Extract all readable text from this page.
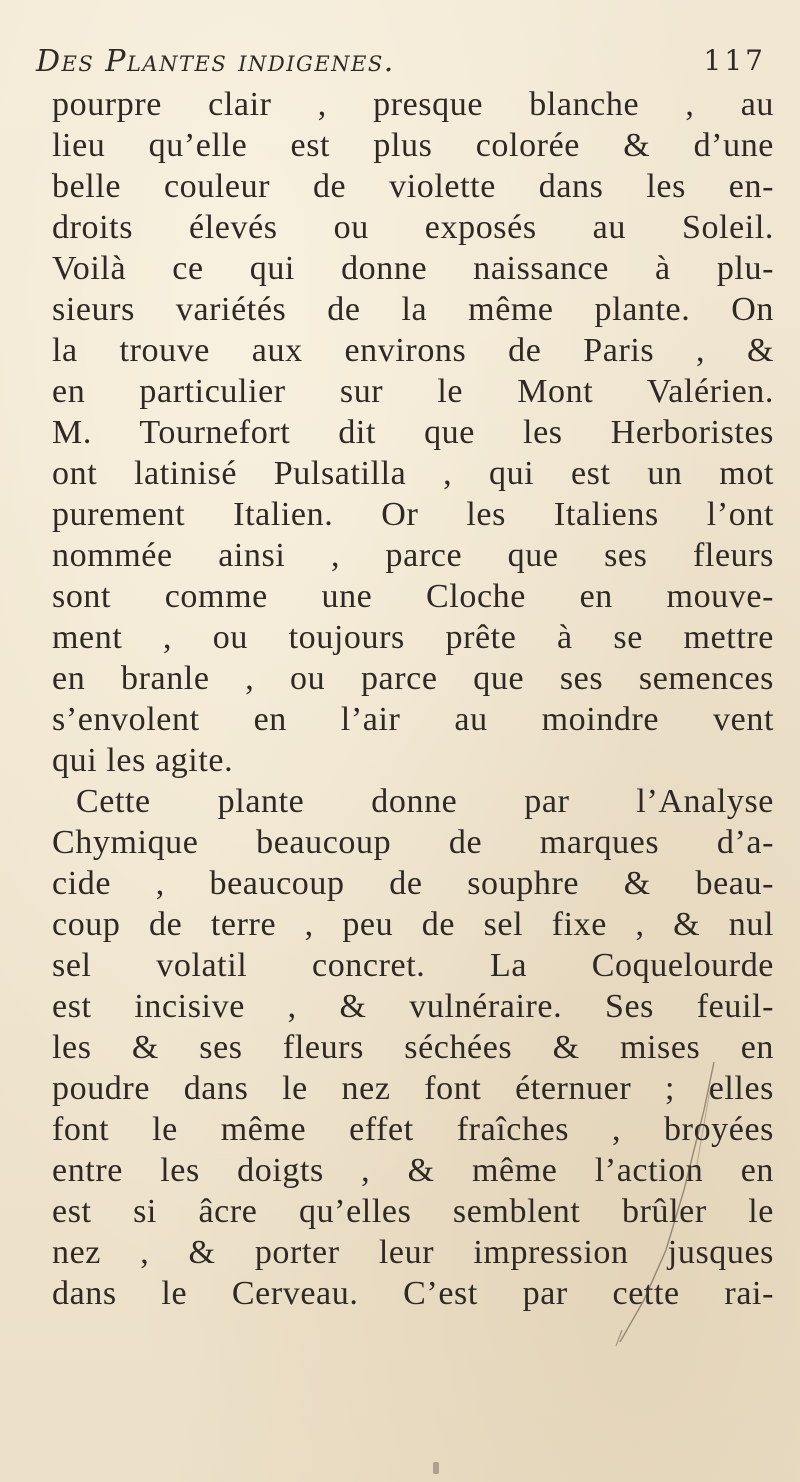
Des Plantes indigenes.	117
pourpre clair , presque blanche , au
lieu qu’elle est plus colorée & d’une
belle couleur de violette dans les en-
droits élevés ou exposés au Soleil.
Voilà ce qui donne naissance à plu-
sieurs variétés de la même plante. On
la trouve aux environs de Paris , &
en particulier sur le Mont Valérien.
M. Tournefort dit que les Herboristes
ont latinisé Pulsatilla , qui est un mot
purement Italien. Or les Italiens l’ont
nommée ainsi , parce que ses fleurs
sont comme une Cloche en mouve-
ment , ou toujours prête à se mettre
en branle , ou parce que ses semences
s’envolent en l’air au moindre vent
qui les agite.
Cette plante donne par l’Analyse
Chymique beaucoup de marques d’a-
cide , beaucoup de souphre & beau-
coup de terre , peu de sel fixe , & nul
sel volatil concret. La Coquelourde
est incisive , & vulnéraire. Ses feuil-
les & ses fleurs séchées & mises en
poudre dans le nez font éternuer ; elles
font le même effet fraîches , broyées
entre les doigts , & même l’action en
est si âcre qu’elles semblent brûler le
nez , & porter leur impression jusques
dans le Cerveau. C’est par cette rai-
